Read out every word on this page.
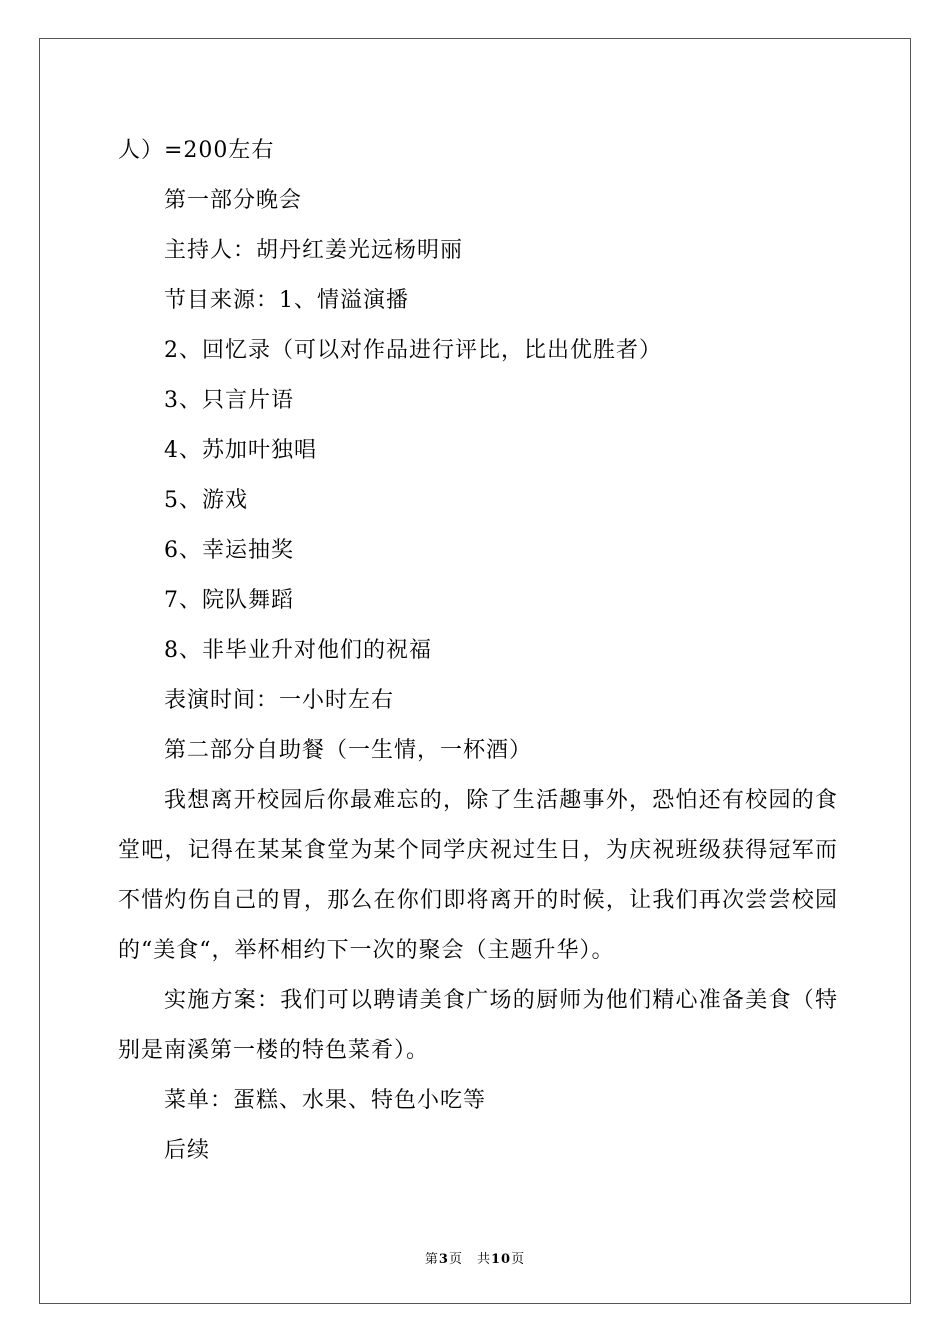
人）=200左右
第一部分晚会
主持人：胡丹红姜光远杨明丽
节目来源：1、情溢演播
2、回忆录（可以对作品进行评比，比出优胜者）
3、只言片语
4、苏加叶独唱
5、游戏
6、幸运抽奖
7、院队舞蹈
8、非毕业升对他们的祝福
表演时间：一小时左右
第二部分自助餐（一生情，一杯酒）
我想离开校园后你最难忘的，除了生活趣事外，恐怕还有校园的食堂吧，记得在某某食堂为某个同学庆祝过生日，为庆祝班级获得冠军而不惜灼伤自己的胃，那么在你们即将离开的时候，让我们再次尝尝校园的“美食“，举杯相约下一次的聚会（主题升华）。
实施方案：我们可以聘请美食广场的厨师为他们精心准备美食（特别是南溪第一楼的特色菜肴）。
菜单：蛋糕、水果、特色小吃等
后续
第3页 共10页
